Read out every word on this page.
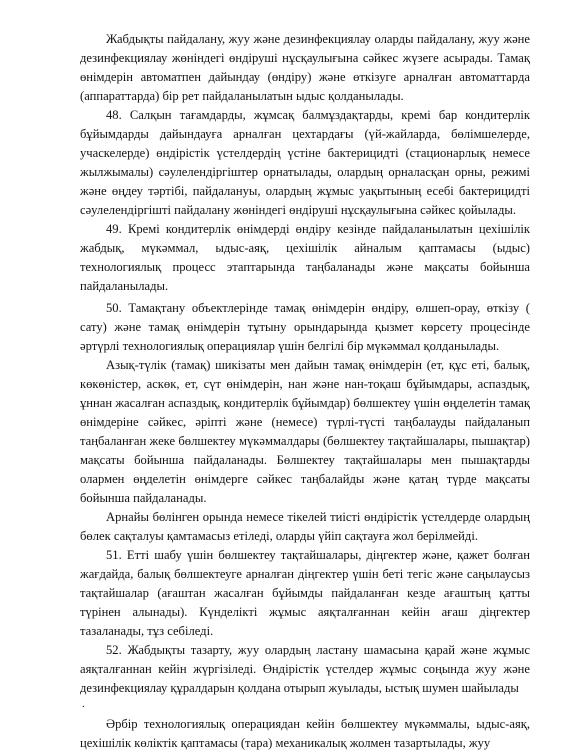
Жабдықты пайдалану, жуу және дезинфекциялау оларды пайдалану, жуу және дезинфекциялау жөніндегі өндіруші нұсқаулығына сәйкес жүзеге асырады. Тамақ өнімдерін автоматпен дайындау (өндіру) және өткізуге арналған автоматтарда (аппараттарда) бір рет пайдаланылатын ыдыс қолданылады.

48. Салқын тағамдарды, жұмсақ балмұздақтарды, кремі бар кондитерлік бұйымдарды дайындауға арналған цехтардағы (үй-жайларда, бөлімшелерде, учаскелерде) өндірістік үстелдердің үстіне бактерицидті (стационарлық немесе жылжымалы) сәулелендіргіштер орнатылады, олардың орналасқан орны, режимі және өңдеу тәртібі, пайдалануы, олардың жұмыс уақытының есебі бактерицидті сәулелендіргішті пайдалану жөніндегі өндіруші нұсқаулығына сәйкес қойылады.

49. Кремі кондитерлік өнімдерді өндіру кезінде пайдаланылатын цехішілік жабдық, мүкәммал, ыдыс-аяқ, цехішілік айналым қаптамасы (ыдыс) технологиялық процесс этаптарында таңбаланады және мақсаты бойынша пайдаланылады.

50. Тамақтану объектлерінде тамақ өнімдерін өндіру, өлшеп-орау, өткізу ( сату) және тамақ өнімдерін тұтыну орындарында қызмет көрсету процесінде әртүрлі технологиялық операциялар үшін белгілі бір мүкәммал қолданылады.

Азық-түлік (тамақ) шикізаты мен дайын тамақ өнімдерін (ет, құс еті, балық, көкөністер, аскөк, ет, сүт өнімдерін, нан және нан-тоқаш бұйымдары, аспаздық, ұннан жасалған аспаздық, кондитерлік бұйымдар) бөлшектеу үшін өңделетін тамақ өнімдеріне сәйкес, әріпті және (немесе) түрлі-түсті таңбалауды пайдаланып таңбаланған жеке бөлшектеу мүкәммалдары (бөлшектеу тақтайшалары, пышақтар) мақсаты бойынша пайдаланады. Бөлшектеу тақтайшалары мен пышақтарды олармен өңделетін өнімдерге сәйкес таңбалайды және қатаң түрде мақсаты бойынша пайдаланады.

Арнайы бөлінген орында немесе тікелей тиісті өндірістік үстелдерде олардың бөлек сақталуы қамтамасыз етіледі, оларды үйіп сақтауға жол берілмейді.

51. Етті шабу үшін бөлшектеу тақтайшалары, діңгектер және, қажет болған жағдайда, балық бөлшектеуге арналған діңгектер үшін беті тегіс және саңылаусыз тақтайшалар (ағаштан жасалған бұйымды пайдаланған кезде ағаштың қатты түрінен алынады). Күнделікті жұмыс аяқталғаннан кейін ағаш діңгектер тазаланады, тұз себіледі.

52. Жабдықты тазарту, жуу олардың ластану шамасына қарай және жұмыс аяқталғаннан кейін жүргізіледі. Өндірістік үстелдер жұмыс соңында жуу және дезинфекциялау құралдарын қолдана отырып жуылады, ыстық шумен шайылады

.

Әрбір технологиялық операциядан кейін бөлшектеу мүкәммалы, ыдыс-аяқ, цехішілік көліктік қаптамасы (тара) механикалық жолмен тазартылады, жуу
